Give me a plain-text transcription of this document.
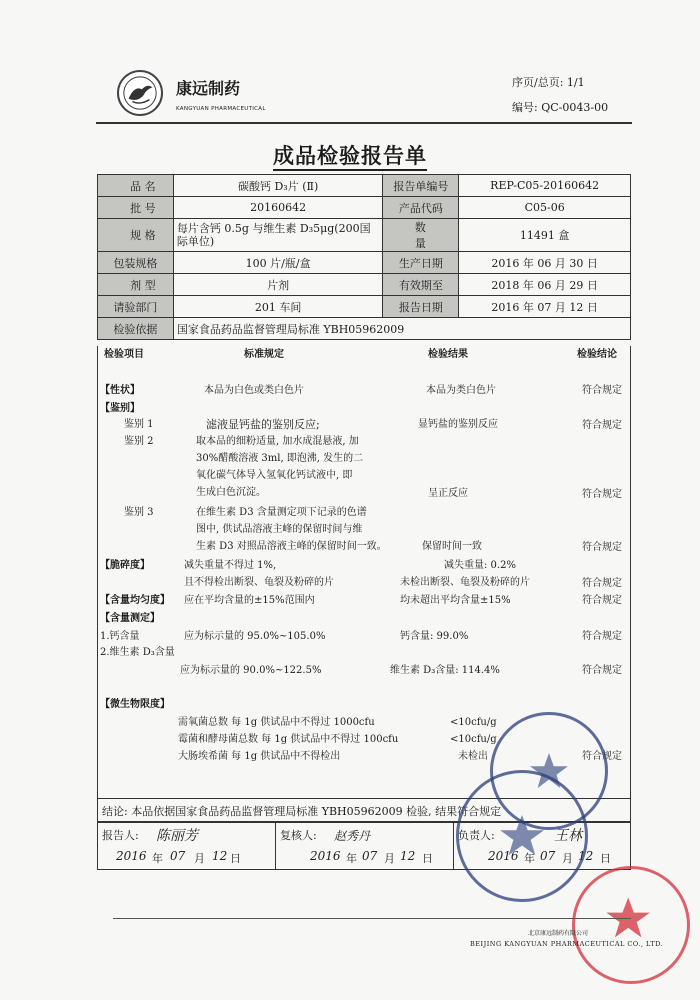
康远制药
KANGYUAN PHARMACEUTICAL
序页/总页: 1/1
编号: QC-0043-00
成品检验报告单
品 名	碳酸钙 D₃片 (Ⅱ)	报告单编号	REP-C05-20160642
批 号	20160642	产品代码	C05-06
规 格	每片含钙 0.5g 与维生素 D₃5μg(200国际单位)	数 量	11491 盒
包装规格	100 片/瓶/盒	生产日期	2016 年 06 月 30 日
剂 型	片剂	有效期至	2018 年 06 月 29 日
请验部门	201 车间	报告日期	2016 年 07 月 12 日
检验依据	国家食品药品监督管理局标准 YBH05962009		
检验项目	标准规定	检验结果	检验结论
【性状】	本品为白色或类白色片	本品为类白色片	符合规定
【鉴别】
鉴别 1	滤液显钙盐的鉴别反应;	显钙盐的鉴别反应	符合规定
鉴别 2	取本品的细粉适量, 加水成混悬液, 加
30%醋酸溶液 3ml, 即泡沸, 发生的二
氧化碳气体导入氢氧化钙试液中, 即
生成白色沉淀。	呈正反应	符合规定
鉴别 3	在维生素 D3 含量测定项下记录的色谱
图中, 供试品溶液主峰的保留时间与维
生素 D3 对照品溶液主峰的保留时间一致。	保留时间一致	符合规定
【脆碎度】	减失重量不得过 1%,	减失重量: 0.2%
且不得检出断裂、龟裂及粉碎的片	未检出断裂、龟裂及粉碎的片	符合规定
【含量均匀度】 应在平均含量的±15%范围内	均未超出平均含量±15%	符合规定
【含量测定】
1.钙含量	应为标示量的 95.0%~105.0%	钙含量: 99.0%	符合规定
2.维生素 D₃含量
应为标示量的 90.0%~122.5%	维生素 D₃含量: 114.4%	符合规定
【微生物限度】
需氧菌总数 每 1g 供试品中不得过 1000cfu	<10cfu/g
霉菌和酵母菌总数 每 1g 供试品中不得过 100cfu	<10cfu/g
大肠埃希菌 每 1g 供试品中不得检出	未检出	符合规定
结论: 本品依据国家食品药品监督管理局标准 YBH05962009 检验, 结果符合规定
报告人: 陈丽芳
2016 年 07 月 12 日
复核人: 赵秀丹
2016 年 07 月 12 日
负责人:	王林
2016 年 07 月 12 日
北京康远制药有限公司
BEIJING KANGYUAN PHARMACEUTICAL CO., LTD.
